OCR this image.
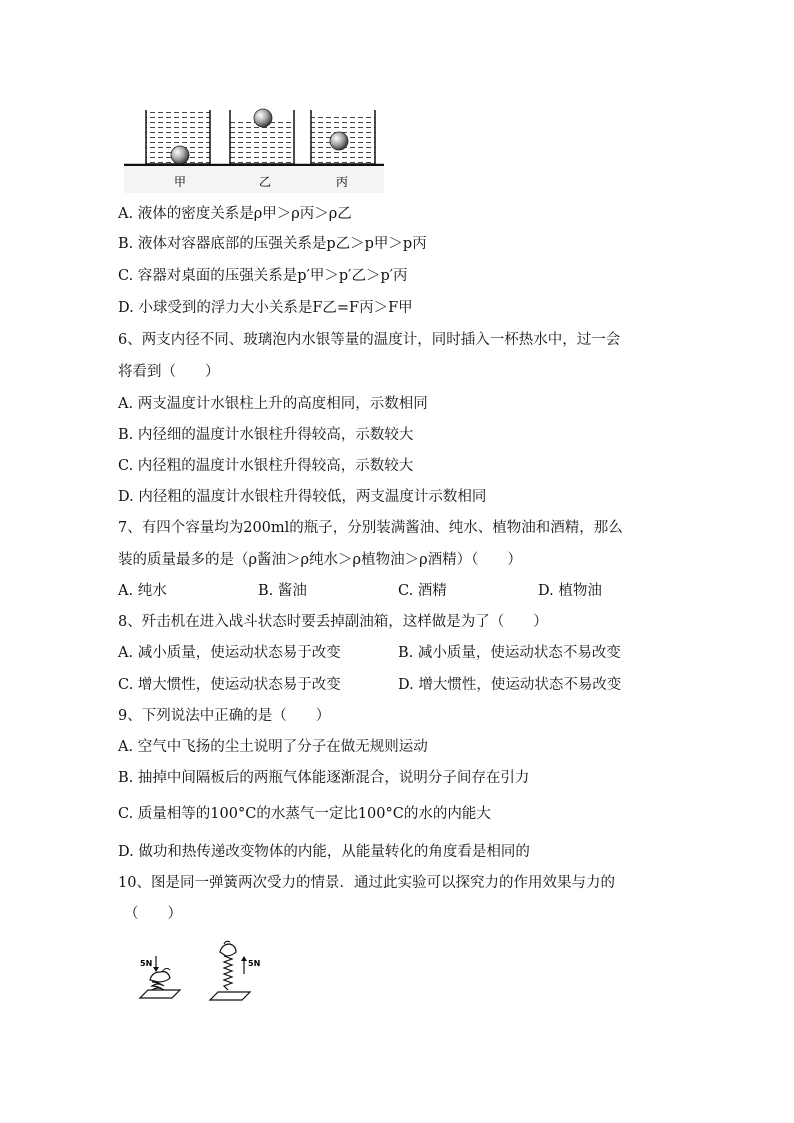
甲	乙	丙
A. 液体的密度关系是ρ甲＞ρ丙＞ρ乙
B. 液体对容器底部的压强关系是p乙＞p甲＞p丙
C. 容器对桌面的压强关系是p′甲＞p′乙＞p′丙
D. 小球受到的浮力大小关系是F乙=F丙＞F甲
6、两支内径不同、玻璃泡内水银等量的温度计，同时插入一杯热水中，过一会
将看到（　　）
A. 两支温度计水银柱上升的高度相同，示数相同
B. 内径细的温度计水银柱升得较高，示数较大
C. 内径粗的温度计水银柱升得较高，示数较大
D. 内径粗的温度计水银柱升得较低，两支温度计示数相同
7、有四个容量均为200ml的瓶子，分别装满酱油、纯水、植物油和酒精，那么
装的质量最多的是（ρ酱油＞ρ纯水＞ρ植物油＞ρ酒精）（　　）
A. 纯水	B. 酱油	C. 酒精	D. 植物油
8、歼击机在进入战斗状态时要丢掉副油箱，这样做是为了（　　）
A. 减小质量，使运动状态易于改变	B. 减小质量，使运动状态不易改变
C. 增大惯性，使运动状态易于改变	D. 增大惯性，使运动状态不易改变
9、下列说法中正确的是（　　）
A. 空气中飞扬的尘土说明了分子在做无规则运动
B. 抽掉中间隔板后的两瓶气体能逐渐混合，说明分子间存在引力
C. 质量相等的100°C的水蒸气一定比100°C的水的内能大
D. 做功和热传递改变物体的内能，从能量转化的角度看是相同的
10、图是同一弹簧两次受力的情景．通过此实验可以探究力的作用效果与力的
（　　）
5N	5N
